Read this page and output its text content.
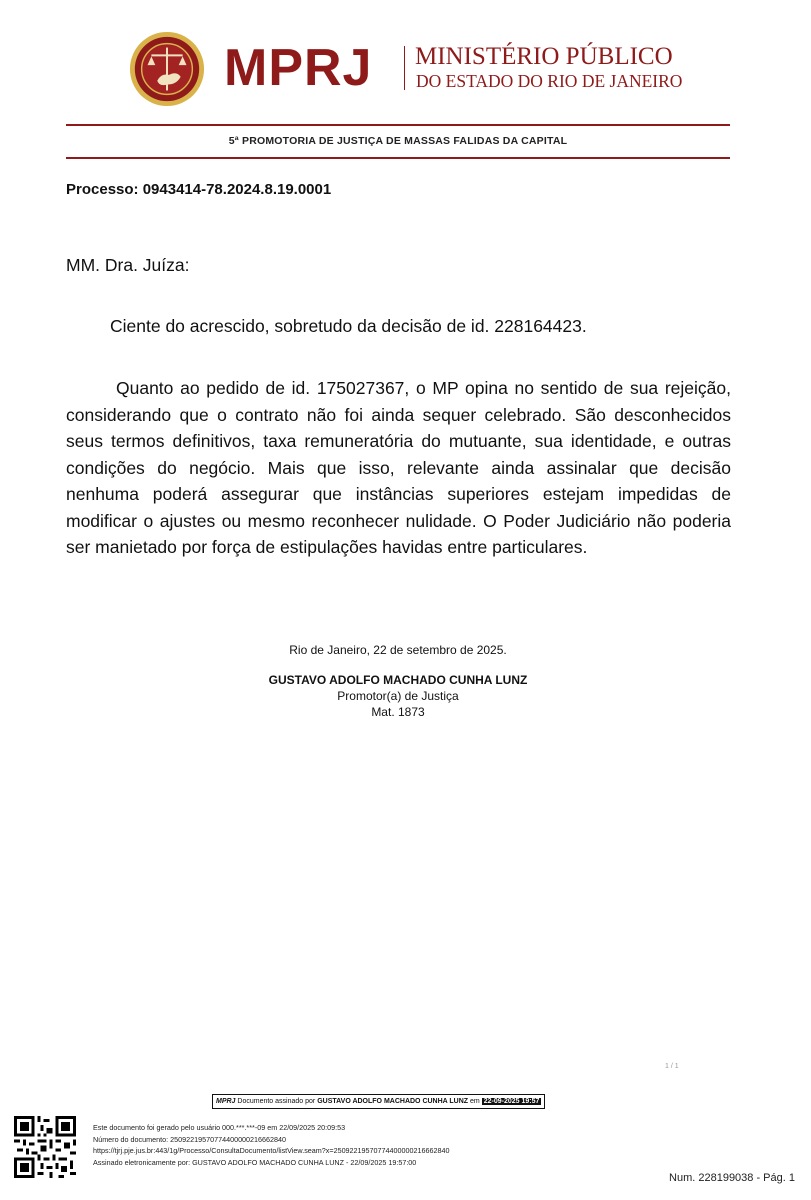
MPRJ MINISTÉRIO PÚBLICO
DO ESTADO DO RIO DE JANEIRO
5ª PROMOTORIA DE JUSTIÇA DE MASSAS FALIDAS DA CAPITAL
Processo: 0943414-78.2024.8.19.0001
MM. Dra. Juíza:
Ciente do acrescido, sobretudo da decisão de id. 228164423.

Quanto ao pedido de id. 175027367, o MP opina no sentido de sua rejeição, considerando que o contrato não foi ainda sequer celebrado. São desconhecidos seus termos definitivos, taxa remuneratória do mutuante, sua identidade, e outras condições do negócio. Mais que isso, relevante ainda assinalar que decisão nenhuma poderá assegurar que instâncias superiores estejam impedidas de modificar o ajustes ou mesmo reconhecer nulidade. O Poder Judiciário não poderia ser manietado por força de estipulações havidas entre particulares.

Rio de Janeiro, 22 de setembro de 2025.
GUSTAVO ADOLFO MACHADO CUNHA LUNZ
Promotor(a) de Justiça
Mat. 1873
1 / 1
MPRJ Documento assinado por GUSTAVO ADOLFO MACHADO CUNHA LUNZ em 22-09-2025 19:57
Este documento foi gerado pelo usuário 000.***.***-09 em 22/09/2025 20:09:53
Número do documento: 25092219570774400000216662840
https://tjrj.pje.jus.br:443/1g/Processo/ConsultaDocumento/listView.seam?x=25092219570774400000216662840
Assinado eletronicamente por: GUSTAVO ADOLFO MACHADO CUNHA LUNZ - 22/09/2025 19:57:00
Num. 228199038 - Pág. 1
